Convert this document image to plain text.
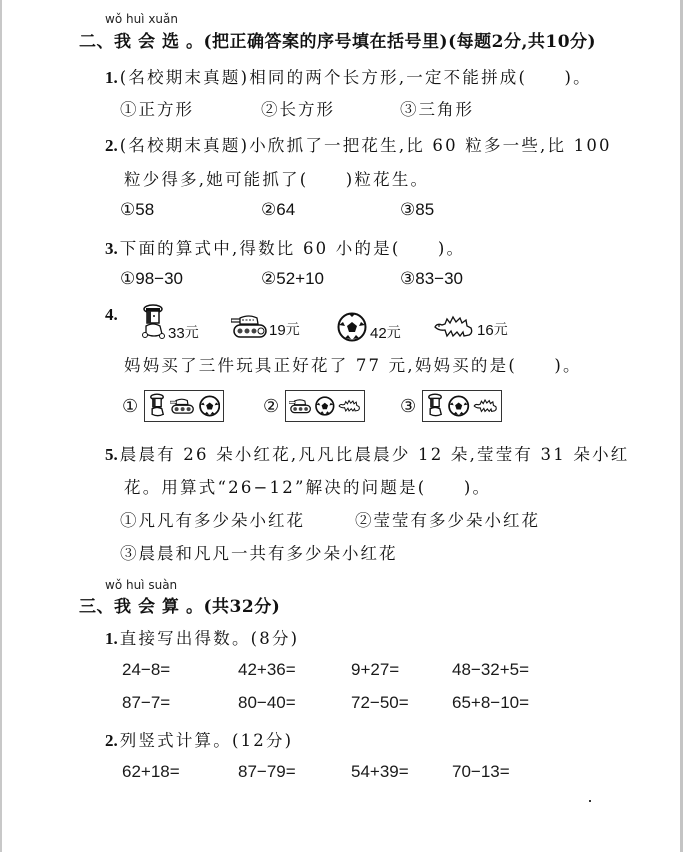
wǒ huì xuǎn
二、我会选。(把正确答案的序号填在括号里)(每题2分,共10分)
1. (名校期末真题)相同的两个长方形,一定不能拼成(　　)。
①正方形	②长方形	③三角形
2. (名校期末真题)小欣抓了一把花生,比 60 粒多一些,比 100
粒少得多,她可能抓了(　　)粒花生。
①58	②64	③85
3. 下面的算式中,得数比 60 小的是(　　)。
①98−30	②52+10	③83−30
4.
33 元	19 元	42 元	16 元
妈妈买了三件玩具正好花了 77 元,妈妈买的是(　　)。
①	②	③
5. 晨晨有 26 朵小红花,凡凡比晨晨少 12 朵,莹莹有 31 朵小红
花。用算式“26−12”解决的问题是(　　)。
①凡凡有多少朵小红花	②莹莹有多少朵小红花
③晨晨和凡凡一共有多少朵小红花
wǒ huì suàn
三、我会算。(共32分)
1. 直接写出得数。(8分)
24−8=	42+36=	9+27=	48−32+5=
87−7=	80−40=	72−50=	65+8−10=
2. 列竖式计算。(12分)
62+18=	87−79=	54+39=	70−13=
